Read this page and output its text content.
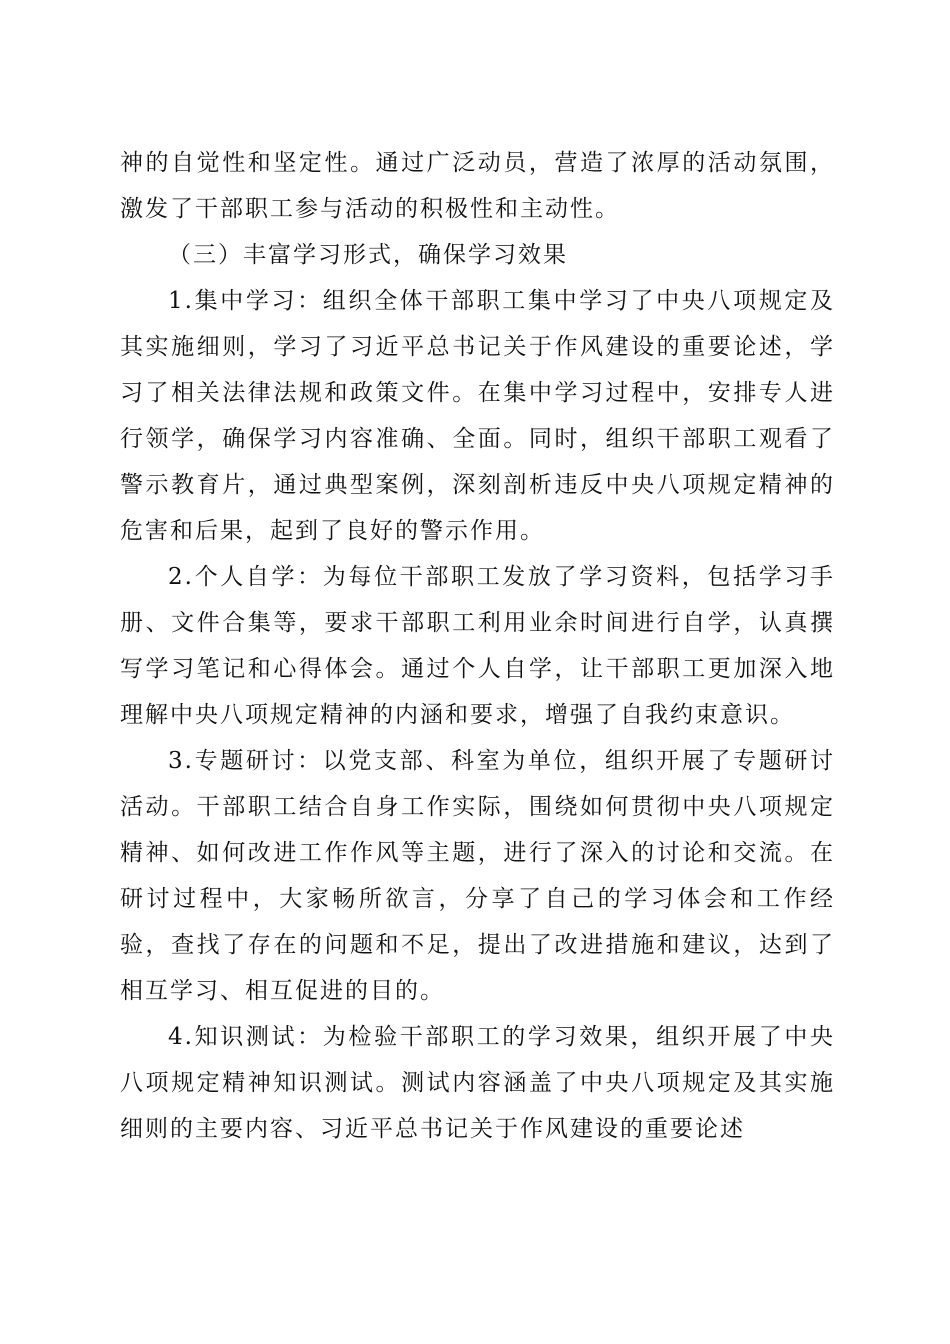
神的自觉性和坚定性。通过广泛动员，营造了浓厚的活动氛围，激发了干部职工参与活动的积极性和主动性。

（三）丰富学习形式，确保学习效果

1.集中学习：组织全体干部职工集中学习了中央八项规定及其实施细则，学习了习近平总书记关于作风建设的重要论述，学习了相关法律法规和政策文件。在集中学习过程中，安排专人进行领学，确保学习内容准确、全面。同时，组织干部职工观看了警示教育片，通过典型案例，深刻剖析违反中央八项规定精神的危害和后果，起到了良好的警示作用。

2.个人自学：为每位干部职工发放了学习资料，包括学习手册、文件合集等，要求干部职工利用业余时间进行自学，认真撰写学习笔记和心得体会。通过个人自学，让干部职工更加深入地理解中央八项规定精神的内涵和要求，增强了自我约束意识。

3.专题研讨：以党支部、科室为单位，组织开展了专题研讨活动。干部职工结合自身工作实际，围绕如何贯彻中央八项规定精神、如何改进工作作风等主题，进行了深入的讨论和交流。在研讨过程中，大家畅所欲言，分享了自己的学习体会和工作经验，查找了存在的问题和不足，提出了改进措施和建议，达到了相互学习、相互促进的目的。

4.知识测试：为检验干部职工的学习效果，组织开展了中央八项规定精神知识测试。测试内容涵盖了中央八项规定及其实施细则的主要内容、习近平总书记关于作风建设的重要论述
